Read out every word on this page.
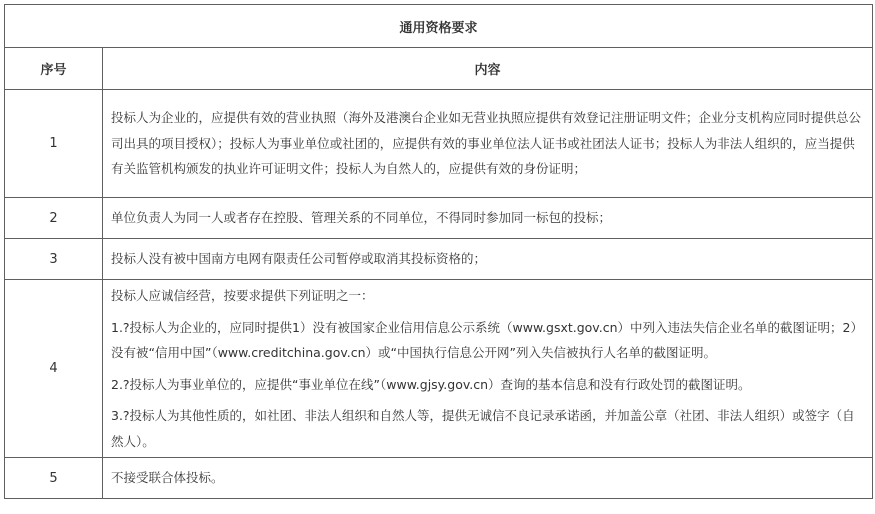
通用资格要求	
序号	内容
1	投标人为企业的，应提供有效的营业执照（海外及港澳台企业如无营业执照应提供有效登记注册证明文件；企业分支机构应同时提供总公司出具的项目授权）；投标人为事业单位或社团的，应提供有效的事业单位法人证书或社团法人证书；投标人为非法人组织的，应当提供有关监管机构颁发的执业许可证明文件；投标人为自然人的，应提供有效的身份证明；

2	单位负责人为同一人或者存在控股、管理关系的不同单位，不得同时参加同一标包的投标；

3	投标人没有被中国南方电网有限责任公司暂停或取消其投标资格的；

4	投标人应诚信经营，按要求提供下列证明之一：

1.?投标人为企业的，应同时提供1）没有被国家企业信用信息公示系统（www.gsxt.gov.cn）中列入违法失信企业名单的截图证明；2）没有被“信用中国”（www.creditchina.gov.cn）或“中国执行信息公开网”列入失信被执行人名单的截图证明。

2.?投标人为事业单位的，应提供“事业单位在线”（www.gjsy.gov.cn）查询的基本信息和没有行政处罚的截图证明。

3.?投标人为其他性质的，如社团、非法人组织和自然人等，提供无诚信不良记录承诺函，并加盖公章（社团、非法人组织）或签字（自然人）。

5	不接受联合体投标。
